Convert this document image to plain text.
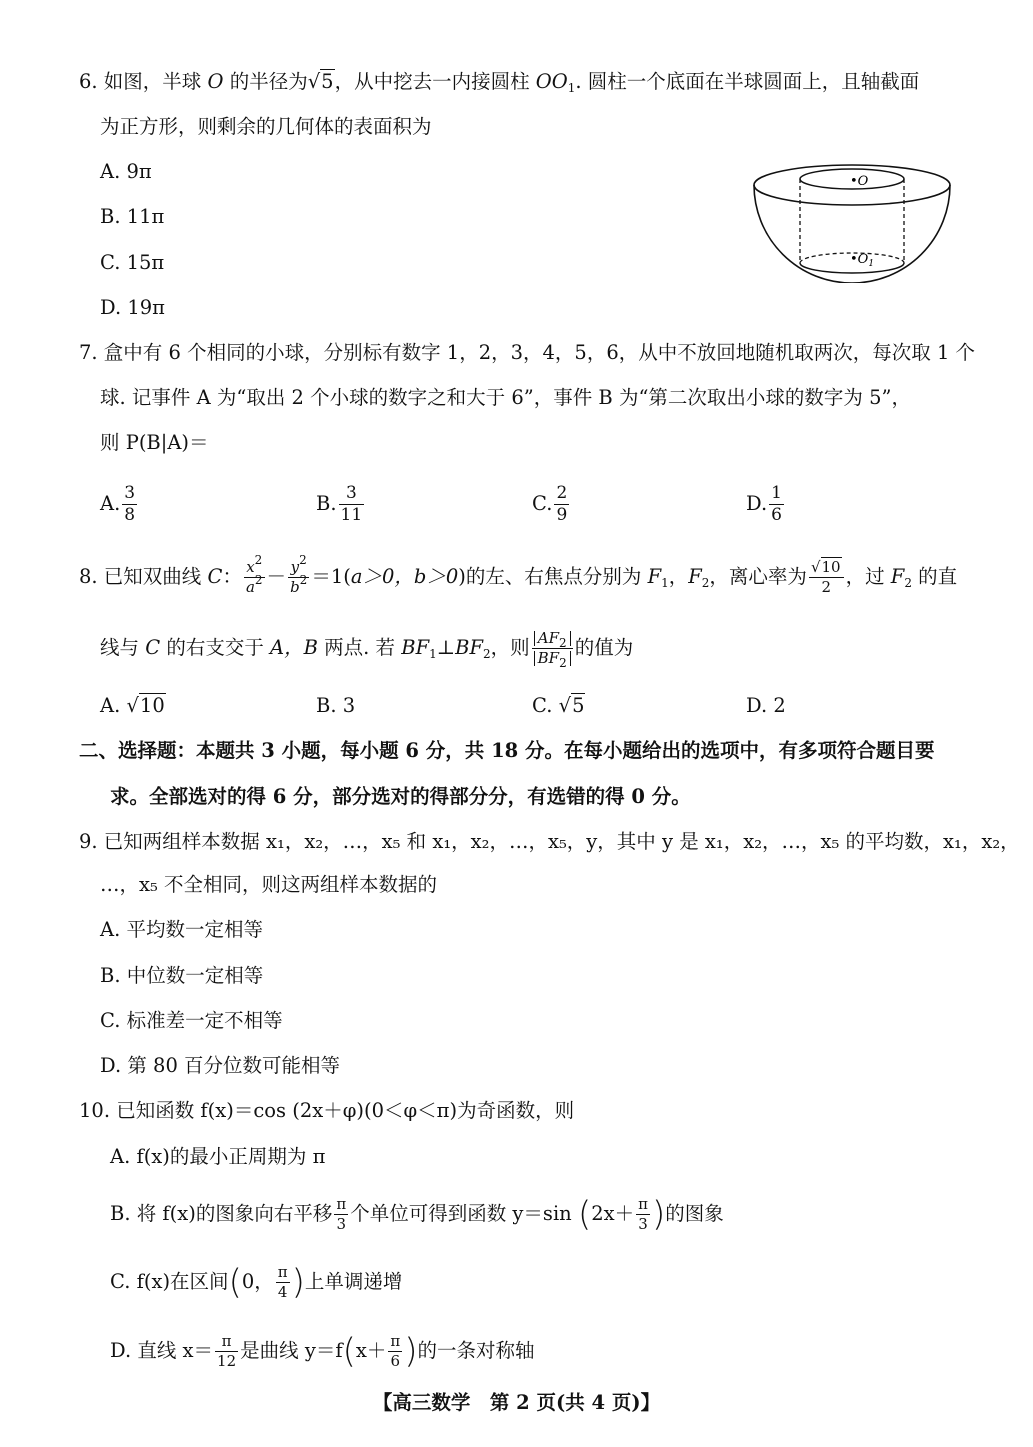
6. 如图，半球 O 的半径为√5，从中挖去一内接圆柱 $OO_1$. 圆柱一个底面在半球圆面上，且轴截面
为正方形，则剩余的几何体的表面积为
A. 9π
B. 11π
C. 15π
D. 19π
•O
$•O_1$
7. 盒中有 6 个相同的小球，分别标有数字 1，2，3，4，5，6，从中不放回地随机取两次，每次取 1 个
球. 记事件 A 为“取出 2 个小球的数字之和大于 6”，事件 B 为“第二次取出小球的数字为 5”，
则 P(B|A)＝
A. $\frac{3}{8}$	B. $\frac{3}{11}$	C. $\frac{2}{9}$	D. $\frac{1}{6}$
8. 已知双曲线 C： $\frac{x^2}{a^2} - \frac{y^2}{b^2} =1(a>0$，b＞0)的左、右焦点分别为 $F_1$，$F_2$，离心率为 $\frac{√10}{2}$ ，过 $F_2$ 的直
线与 C 的右支交于 A，B 两点. 若 $BF_1\perp BF_2$，则 $\frac{AF_2}{BF_2}$ 的值为
A. √10	B. 3	C. √5	D. 2
二、选择题：本题共 3 小题，每小题 6 分，共 18 分。在每小题给出的选项中，有多项符合题目要
求。全部选对的得 6 分，部分选对的得部分分，有选错的得 0 分。
9. 已知两组样本数据 x₁，x₂，…，x₅ 和 x₁，x₂，…，x₅，y，其中 y 是 x₁，x₂，…，x₅ 的平均数，x₁，x₂，
…，x₅ 不全相同，则这两组样本数据的
A. 平均数一定相等
B. 中位数一定相等
C. 标准差一定不相等
D. 第 80 百分位数可能相等
10. 已知函数 f(x)＝cos (2x＋φ)(0＜φ＜π)为奇函数，则
A. f(x)的最小正周期为 π
B. 将 f(x)的图象向右平移 $\frac{\pi}{3}$ 个单位可得到函数 y＝sin ($2x+ \frac{\pi}{3}$ )的图象
C. f(x)在区间(0， $\frac{\pi}{4}$ )上单调递增
D. 直线 $x= \frac{\pi}{12}$ 是曲线 $y=f(x+ \frac{\pi}{6}$ )的一条对称轴
【高三数学　第 2 页(共 4 页)】
